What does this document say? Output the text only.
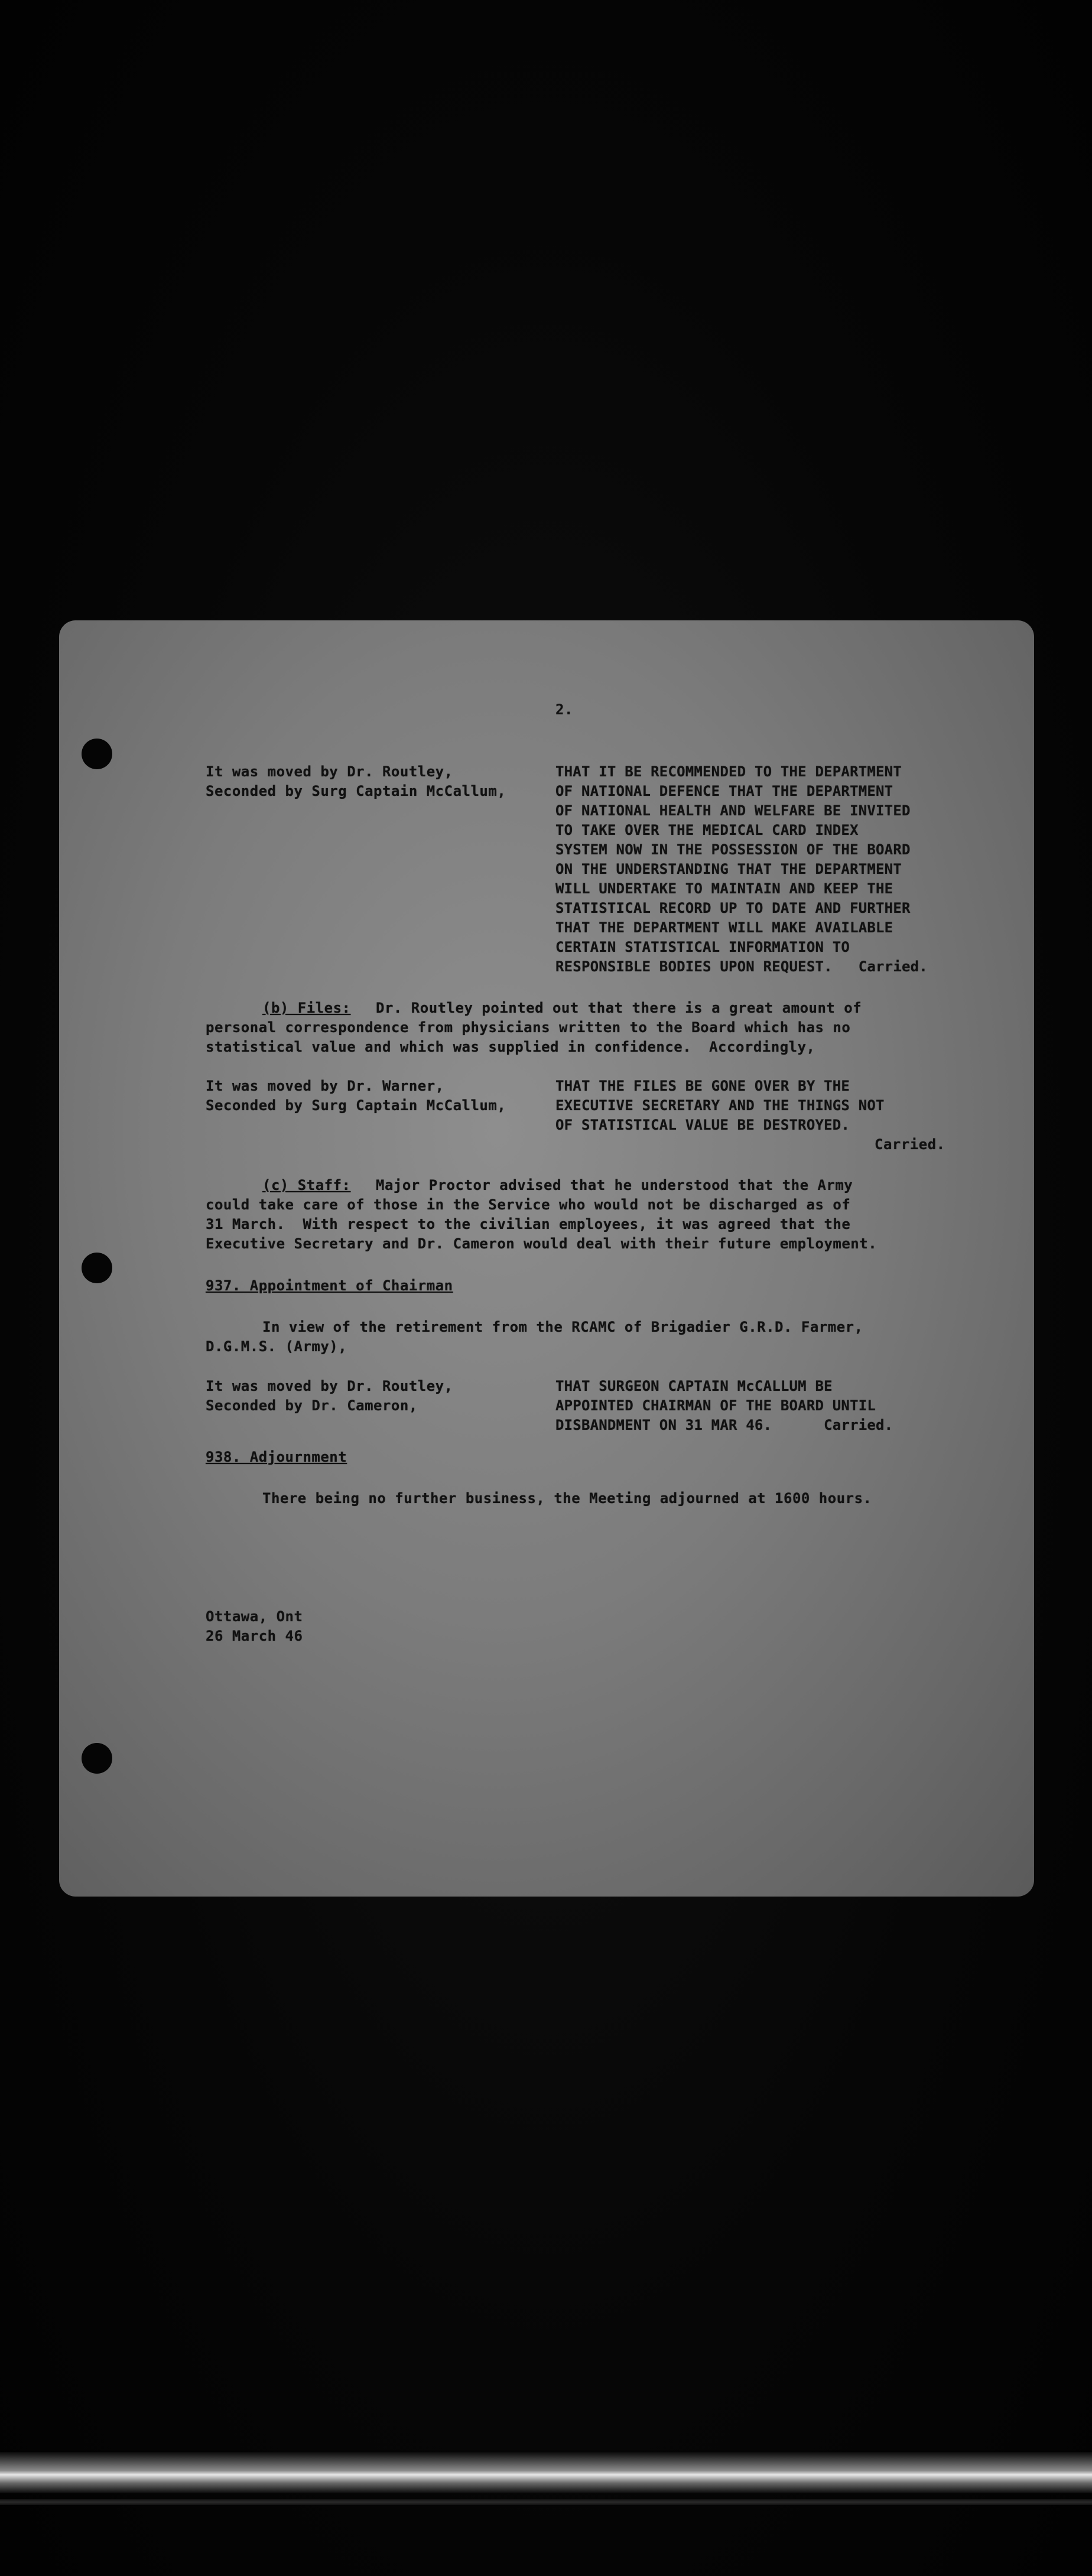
2.
It was moved by Dr. Routley,
Seconded by Surg Captain McCallum,
THAT IT BE RECOMMENDED TO THE DEPARTMENT
OF NATIONAL DEFENCE THAT THE DEPARTMENT
OF NATIONAL HEALTH AND WELFARE BE INVITED
TO TAKE OVER THE MEDICAL CARD INDEX
SYSTEM NOW IN THE POSSESSION OF THE BOARD
ON THE UNDERSTANDING THAT THE DEPARTMENT
WILL UNDERTAKE TO MAINTAIN AND KEEP THE
STATISTICAL RECORD UP TO DATE AND FURTHER
THAT THE DEPARTMENT WILL MAKE AVAILABLE
CERTAIN STATISTICAL INFORMATION TO
RESPONSIBLE BODIES UPON REQUEST.   Carried.
(b) Files: Dr. Routley pointed out that there is a great amount of
personal correspondence from physicians written to the Board which has no
statistical value and which was supplied in confidence.  Accordingly,
It was moved by Dr. Warner,
Seconded by Surg Captain McCallum,
THAT THE FILES BE GONE OVER BY THE
EXECUTIVE SECRETARY AND THE THINGS NOT
OF STATISTICAL VALUE BE DESTROYED.
Carried.
(c) Staff: Major Proctor advised that he understood that the Army
could take care of those in the Service who would not be discharged as of
31 March.  With respect to the civilian employees, it was agreed that the
Executive Secretary and Dr. Cameron would deal with their future employment.
937. Appointment of Chairman
In view of the retirement from the RCAMC of Brigadier G.R.D. Farmer,
D.G.M.S. (Army),
It was moved by Dr. Routley,
Seconded by Dr. Cameron,
THAT SURGEON CAPTAIN McCALLUM BE
APPOINTED CHAIRMAN OF THE BOARD UNTIL
DISBANDMENT ON 31 MAR 46.      Carried.
938. Adjournment
There being no further business, the Meeting adjourned at 1600 hours.
Ottawa, Ont
26 March 46
